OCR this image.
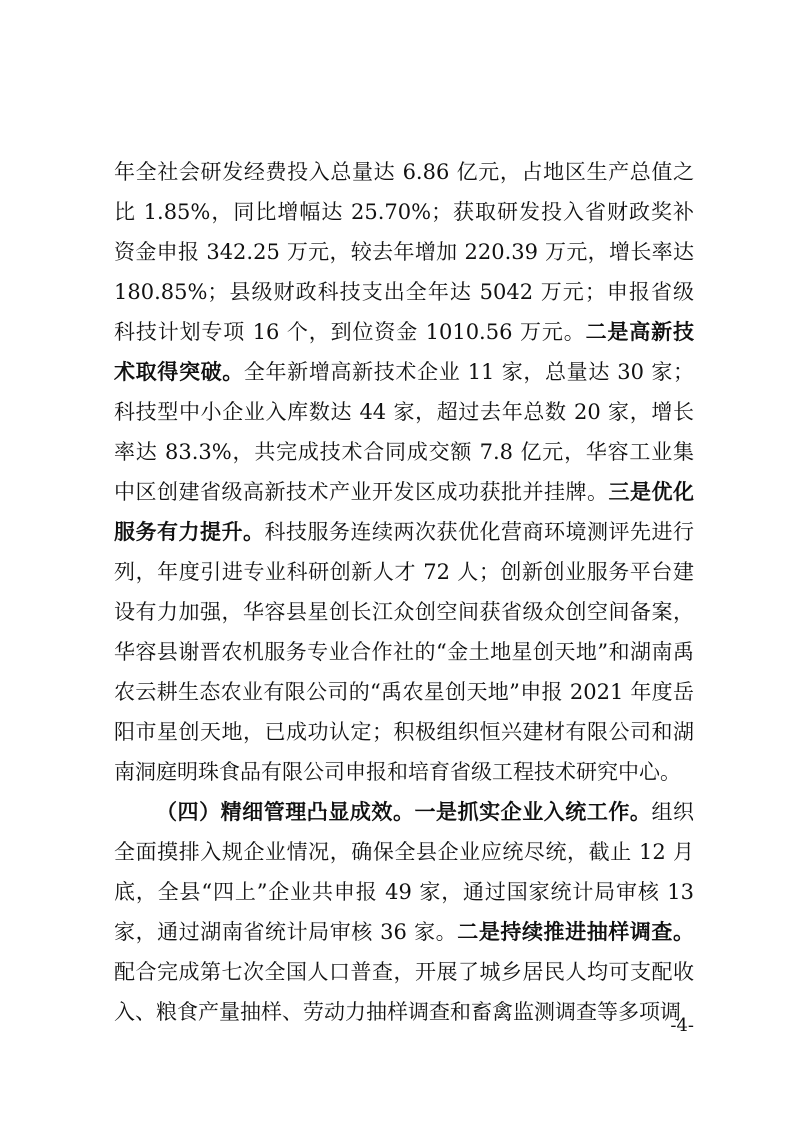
年全社会研发经费投入总量达 6.86 亿元，占地区生产总值之比 1.85%，同比增幅达 25.70%；获取研发投入省财政奖补资金申报 342.25 万元，较去年增加 220.39 万元，增长率达 180.85%；县级财政科技支出全年达 5042 万元；申报省级科技计划专项 16 个，到位资金 1010.56 万元。二是高新技术取得突破。全年新增高新技术企业 11 家，总量达 30 家；科技型中小企业入库数达 44 家，超过去年总数 20 家，增长率达 83.3%，共完成技术合同成交额 7.8 亿元，华容工业集中区创建省级高新技术产业开发区成功获批并挂牌。三是优化服务有力提升。科技服务连续两次获优化营商环境测评先进行列，年度引进专业科研创新人才 72 人；创新创业服务平台建设有力加强，华容县星创长江众创空间获省级众创空间备案，华容县谢晋农机服务专业合作社的“金土地星创天地”和湖南禹农云耕生态农业有限公司的“禹农星创天地”申报 2021 年度岳阳市星创天地，已成功认定；积极组织恒兴建材有限公司和湖南洞庭明珠食品有限公司申报和培育省级工程技术研究中心。

（四）精细管理凸显成效。一是抓实企业入统工作。组织全面摸排入规企业情况，确保全县企业应统尽统，截止 12 月底，全县“四上”企业共申报 49 家，通过国家统计局审核 13 家，通过湖南省统计局审核 36 家。二是持续推进抽样调查。配合完成第七次全国人口普查，开展了城乡居民人均可支配收入、粮食产量抽样、劳动力抽样调查和畜禽监测调查等多项调

-4-
